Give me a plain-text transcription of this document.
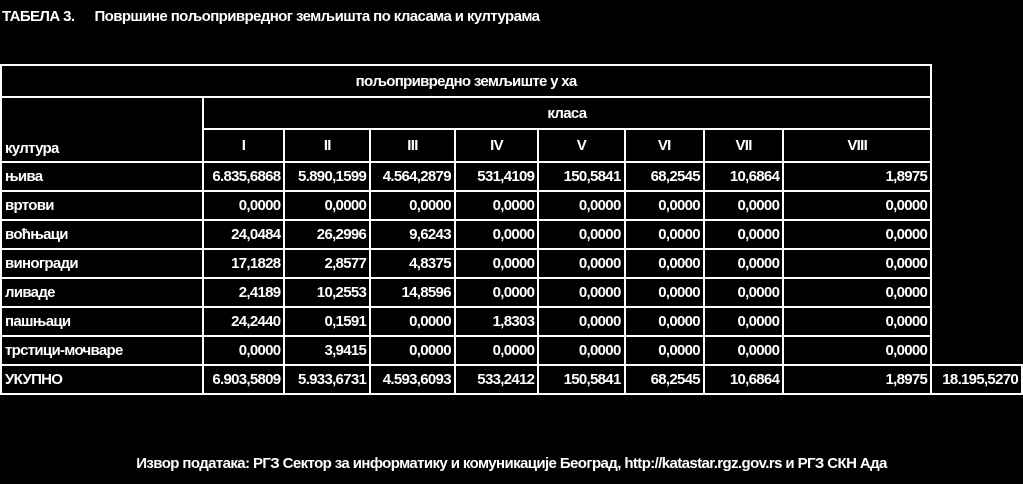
ТАБЕЛА 3. Површине пољопривредног земљишта по класама и културама
пољопривредно земљиште у ха									
култура	класа								
	I	II	III	IV	V	VI	VII	VIII	
њива	6.835,6868	5.890,1599	4.564,2879	531,4109	150,5841	68,2545	10,6864	1,8975	
вртови	0,0000	0,0000	0,0000	0,0000	0,0000	0,0000	0,0000	0,0000	
воћњаци	24,0484	26,2996	9,6243	0,0000	0,0000	0,0000	0,0000	0,0000	
виногради	17,1828	2,8577	4,8375	0,0000	0,0000	0,0000	0,0000	0,0000	
ливаде	2,4189	10,2553	14,8596	0,0000	0,0000	0,0000	0,0000	0,0000	
пашњаци	24,2440	0,1591	0,0000	1,8303	0,0000	0,0000	0,0000	0,0000	
трстици-мочваре	0,0000	3,9415	0,0000	0,0000	0,0000	0,0000	0,0000	0,0000	
УКУПНО	6.903,5809	5.933,6731	4.593,6093	533,2412	150,5841	68,2545	10,6864	1,8975	18.195,5270
Извор података: РГЗ Сектор за информатику и комуникације Београд, http://katastar.rgz.gov.rs и РГЗ СКН Ада
